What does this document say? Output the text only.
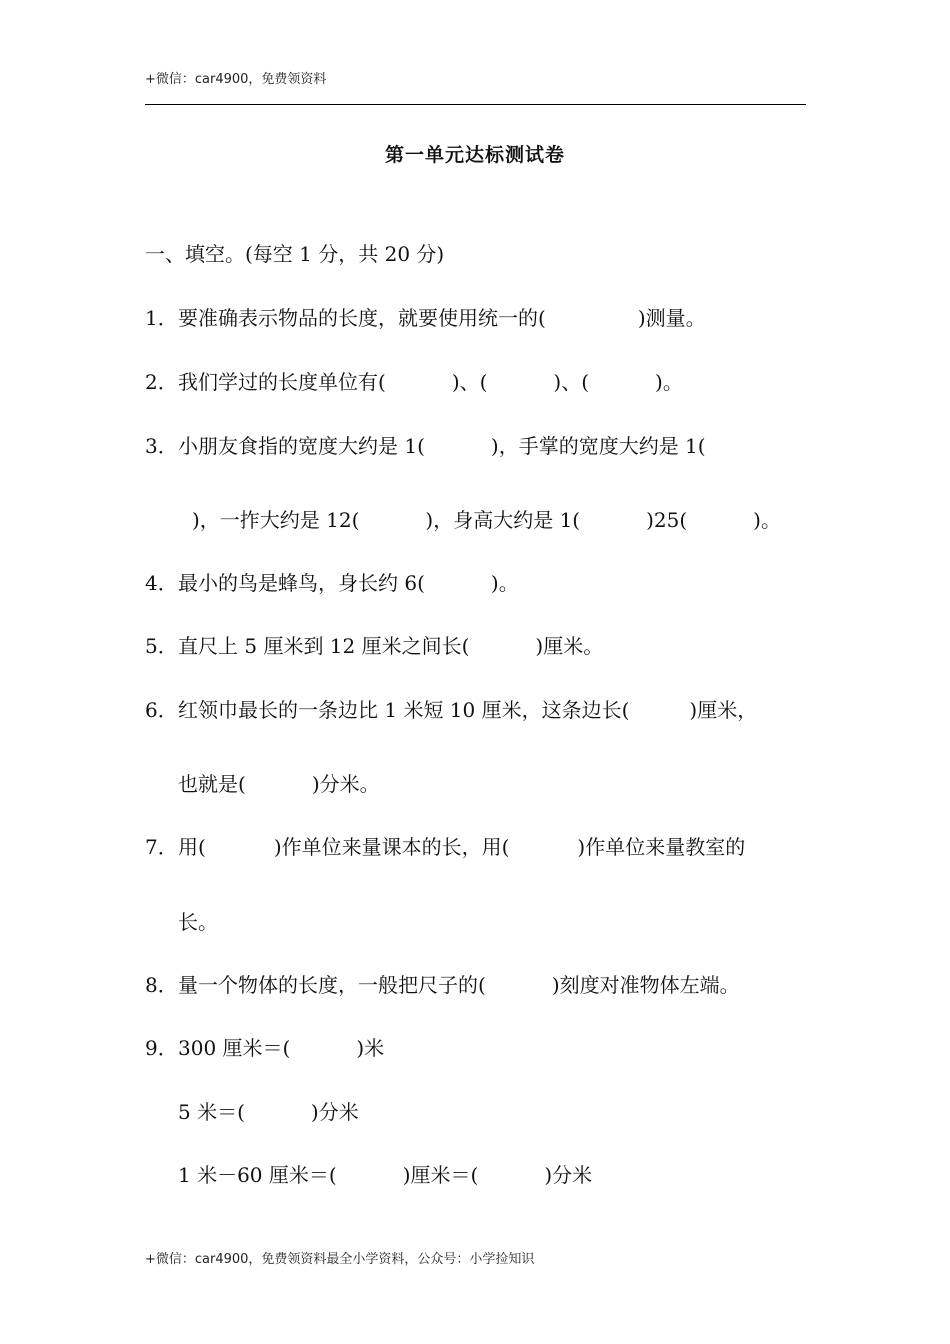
+微信：car4900，免费领资料
第一单元达标测试卷
一、填空。(每空 1 分，共 20 分)
1．要准确表示物品的长度，就要使用统一的(	)测量。
2．我们学过的长度单位有(	)、(	)、(	)。
3．小朋友食指的宽度大约是 1(	)，手掌的宽度大约是 1(
)，一拃大约是 12(	)，身高大约是 1(	)25(	)。
4．最小的鸟是蜂鸟，身长约 6(	)。
5．直尺上 5 厘米到 12 厘米之间长(	)厘米。
6．红领巾最长的一条边比 1 米短 10 厘米，这条边长(	)厘米，
也就是(	)分米。
7．用(	)作单位来量课本的长，用(	)作单位来量教室的
长。
8．量一个物体的长度，一般把尺子的(	)刻度对准物体左端。
9．300 厘米＝(	)米
5 米＝(	)分米
1 米－60 厘米＝(	)厘米＝(	)分米
+微信：car4900，免费领资料最全小学资料，公众号：小学捡知识
